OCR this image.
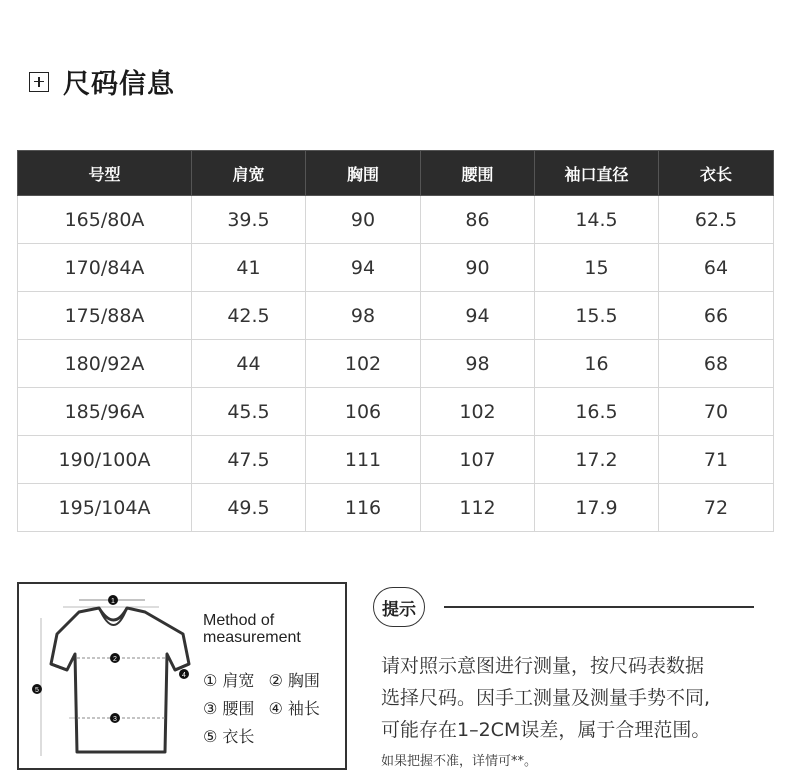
尺码信息
号型	肩宽	胸围	腰围	袖口直径	衣长
165/80A	39.5	90	86	14.5	62.5
170/84A	41	94	90	15	64
175/88A	42.5	98	94	15.5	66
180/92A	44	102	98	16	68
185/96A	45.5	106	102	16.5	70
190/100A	47.5	111	107	17.2	71
195/104A	49.5	116	112	17.9	72
1
2
3
4
5
Method of
measurement
① 肩宽 ② 胸围
③ 腰围 ④ 袖长
⑤ 衣长
提示
请对照示意图进行测量，按尺码表数据
选择尺码。因手工测量及测量手势不同,
可能存在1–2CM误差，属于合理范围。
如果把握不准，详情可**。
